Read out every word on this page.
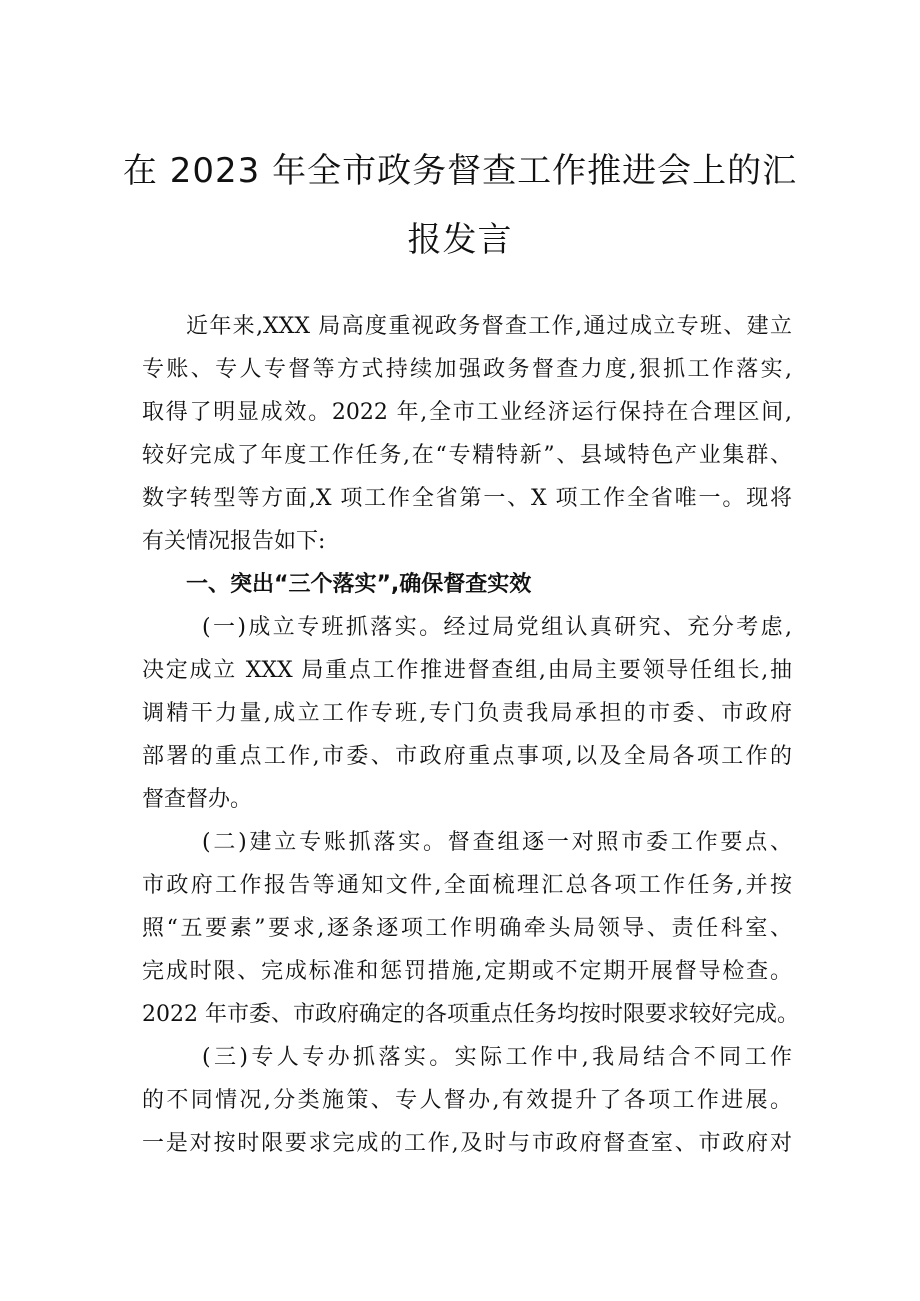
在 2023 年全市政务督查工作推进会上的汇
报发言
近年来,XXX 局高度重视政务督查工作,通过成立专班、建立
专账、专人专督等方式持续加强政务督查力度,狠抓工作落实,
取得了明显成效。2022 年,全市工业经济运行保持在合理区间,
较好完成了年度工作任务,在“专精特新”、县域特色产业集群、
数字转型等方面,X 项工作全省第一、X 项工作全省唯一。现将
有关情况报告如下:
一、突出“三个落实”,确保督查实效
(一)成立专班抓落实。经过局党组认真研究、充分考虑,
决定成立 XXX 局重点工作推进督查组,由局主要领导任组长,抽
调精干力量,成立工作专班,专门负责我局承担的市委、市政府
部署的重点工作,市委、市政府重点事项,以及全局各项工作的
督查督办。
(二)建立专账抓落实。督查组逐一对照市委工作要点、
市政府工作报告等通知文件,全面梳理汇总各项工作任务,并按
照“五要素”要求,逐条逐项工作明确牵头局领导、责任科室、
完成时限、完成标准和惩罚措施,定期或不定期开展督导检查。
2022 年市委、市政府确定的各项重点任务均按时限要求较好完成。
(三)专人专办抓落实。实际工作中,我局结合不同工作
的不同情况,分类施策、专人督办,有效提升了各项工作进展。
一是对按时限要求完成的工作,及时与市政府督查室、市政府对
